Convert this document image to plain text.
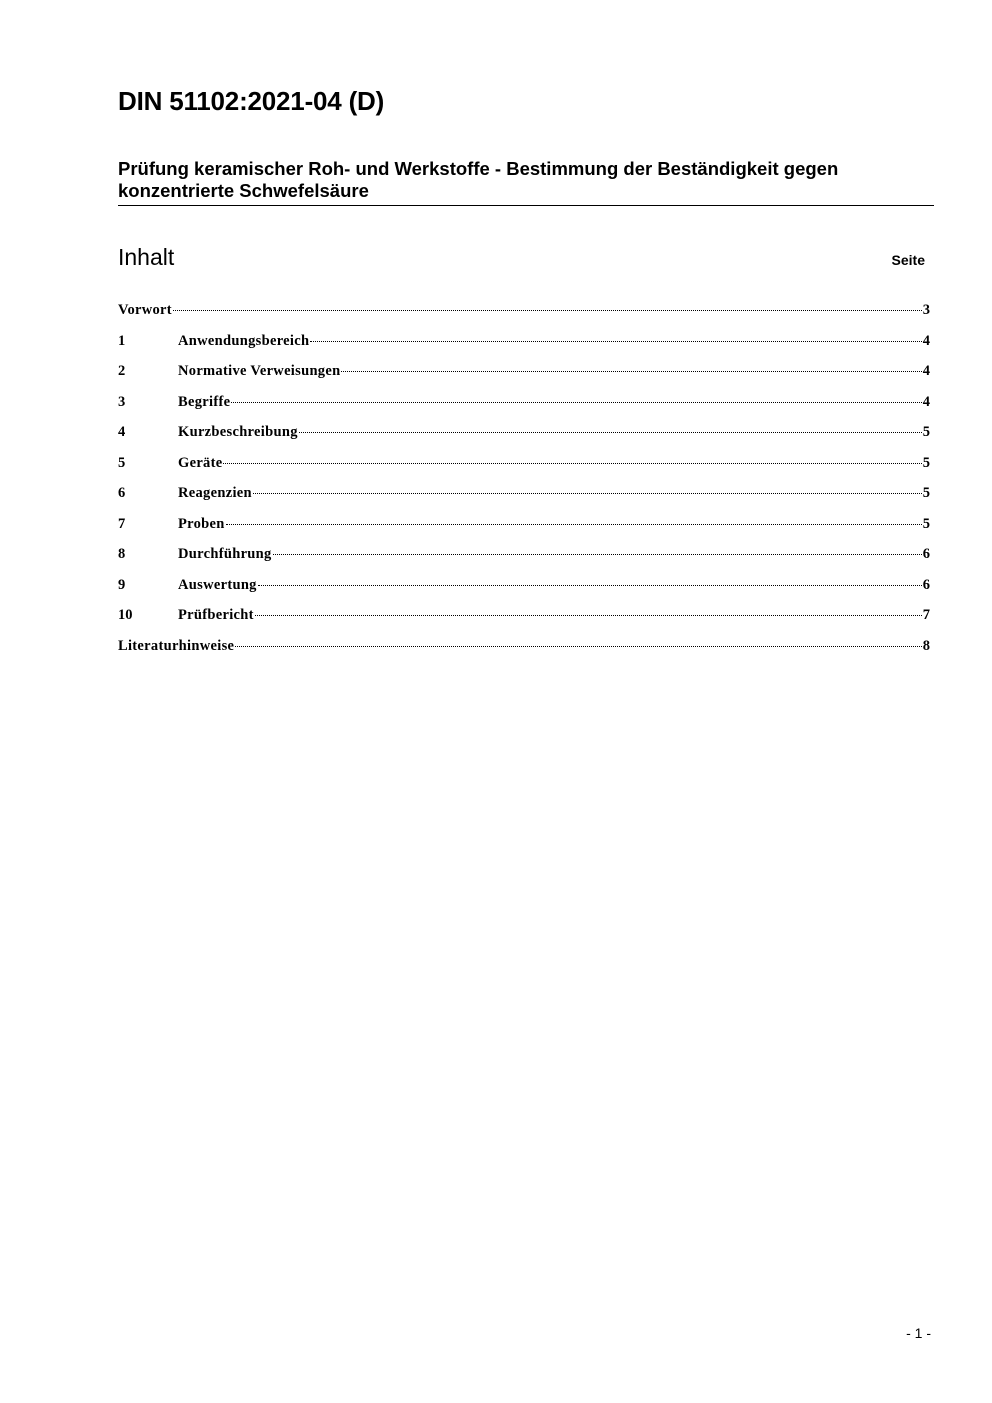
DIN 51102:2021-04 (D)
Prüfung keramischer Roh- und Werkstoffe - Bestimmung der Beständigkeit gegen konzentrierte Schwefelsäure
Inhalt	Seite
Vorwort	3
1	Anwendungsbereich	4
2	Normative Verweisungen	4
3	Begriffe	4
4	Kurzbeschreibung	5
5	Geräte	5
6	Reagenzien	5
7	Proben	5
8	Durchführung	6
9	Auswertung	6
10	Prüfbericht	7
Literaturhinweise	8
- 1 -
